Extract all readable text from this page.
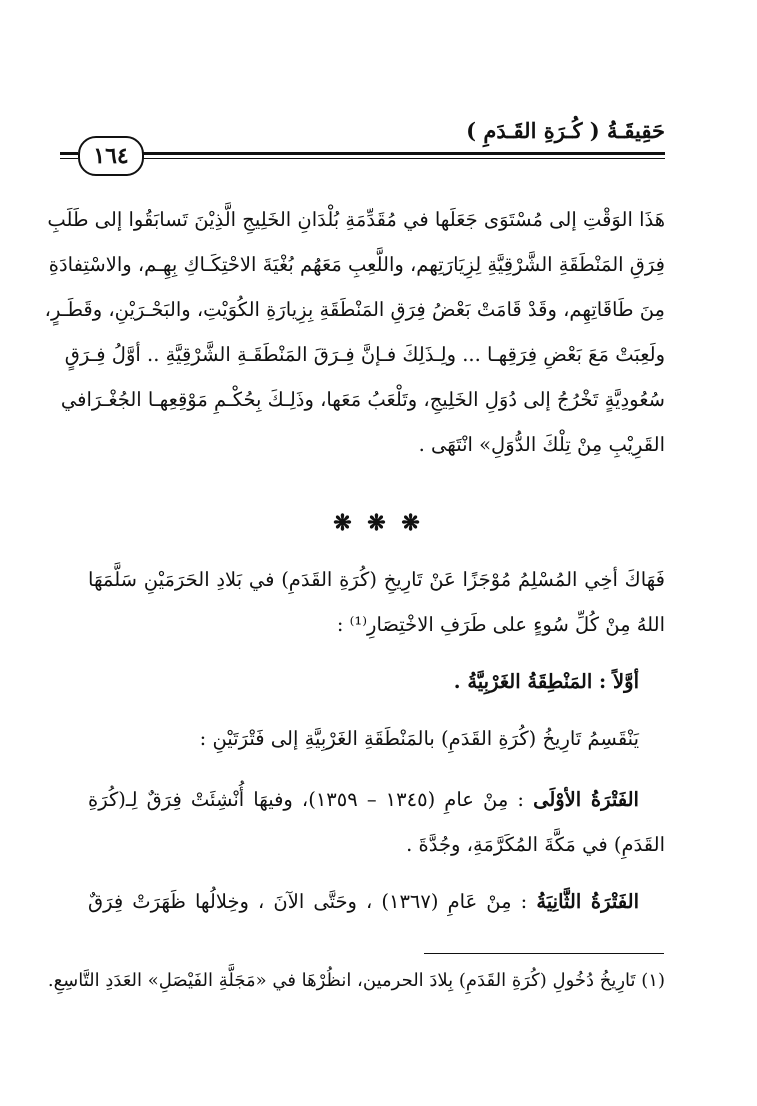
حَقِيقَـةُ ( كُـرَةِ القَـدَمِ )
١٦٤
هَذَا الوَقْتِ إلى مُسْتَوَى جَعَلَها في مُقَدِّمَةِ بُلْدَانِ الخَلِيجِ الَّذِيْنَ تَسابَقُوا إلى طَلَبِ
فِرَقِ المَنْطَقَةِ الشَّرْقِيَّةِ لِزِيَارَتِهم، واللَّعِبِ مَعَهُم بُغْيَةَ الاحْتِكَـاكِ بِهِـم، والاسْتِفادَةِ
مِنَ طَاقَاتِهِم، وقَدْ قَامَتْ بَعْضُ فِرَقِ المَنْطَقَةِ بِزِيارَةِ الكُوَيْتِ، والبَحْـرَيْنِ، وقَطَـرٍ،
ولَعِبَتْ مَعَ بَعْضِ فِرَقِهـا ... ولِـذَلِكَ فـإنَّ فِـرَقَ المَنْطَقَـةِ الشَّرْقِيَّةِ .. أوَّلُ فِـرَقٍ
سُعُودِيَّةٍ تَخْرُجُ إلى دُوَلِ الخَلِيجِ، وتَلْعَبُ مَعَها، وذَلِـكَ بِحُكْـمِ مَوْقِعِهـا الجُغْـرَافي
القَرِيْبِ مِنْ تِلْكَ الدُّوَلِ» انْتَهَى .
❋ ❋ ❋
فَهَاكَ أخِي المُسْلِمُ مُوْجَزًا عَنْ تَارِيخِ (كُرَةِ القَدَمِ) في بَلادِ الحَرَمَيْنِ سَلَّمَهَا
اللهُ مِنْ كُلِّ سُوءٍ على طَرَفِ الاخْتِصَارِ⁽¹⁾ :
أوَّلاً : المَنْطِقَةُ الغَرْبِيَّةُ .
يَنْقَسِمُ تَارِيخُ (كُرَةِ القَدَمِ) بالمَنْطَقَةِ الغَرْبِيَّةِ إلى فَتْرَتَيْنِ :
الفَتْرَةُ الأوْلَى : مِنْ عامِ (١٣٤٥ – ١٣٥٩)، وفيهَا أُنْشِئَتْ فِرَقٌ لِـ(كُرَةِ
القَدَمِ) في مَكَّةَ المُكَرَّمَةِ، وجُدَّةَ .
الفَتْرَةُ الثَّانِيَةُ : مِنْ عَامِ (١٣٦٧) ، وحَتَّى الآنَ ، وخِلالُها ظَهَرَتْ فِرَقٌ
(١) تَارِيخُ دُخُولِ (كُرَةِ القَدَمِ) بِلادَ الحرمين، انظُرْهَا في «مَجَلَّةِ الفَيْصَلِ» العَدَدِ التَّاسِعِ.
